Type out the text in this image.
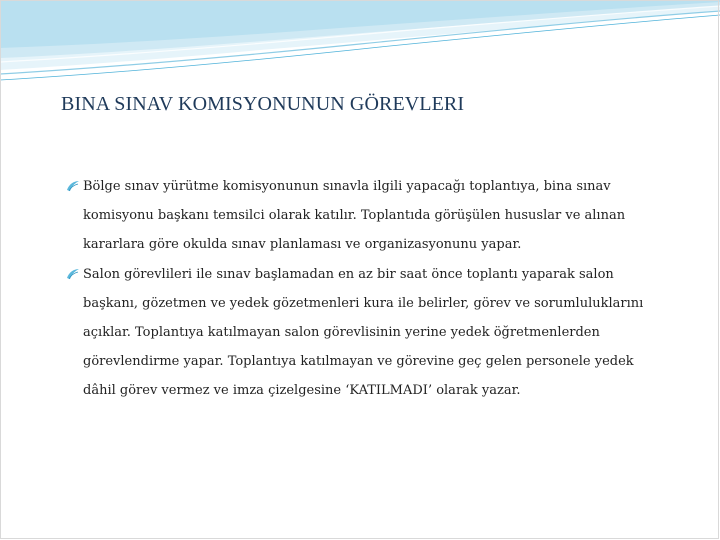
BINA SINAV KOMISYONUNUN GÖREVLERI
Bölge sınav yürütme komisyonunun sınavla ilgili yapacağı toplantıya, bina sınav komisyonu başkanı temsilci olarak katılır. Toplantıda görüşülen hususlar ve alınan kararlara göre okulda sınav planlaması ve organizasyonunu yapar.
Salon görevlileri ile sınav başlamadan en az bir saat önce toplantı yaparak salon başkanı, gözetmen ve yedek gözetmenleri kura ile belirler, görev ve sorumluluklarını açıklar. Toplantıya katılmayan salon görevlisinin yerine yedek öğretmenlerden görevlendirme yapar. Toplantıya katılmayan ve görevine geç gelen personele yedek dâhil görev vermez ve imza çizelgesine ‘KATILMADI’ olarak yazar.
